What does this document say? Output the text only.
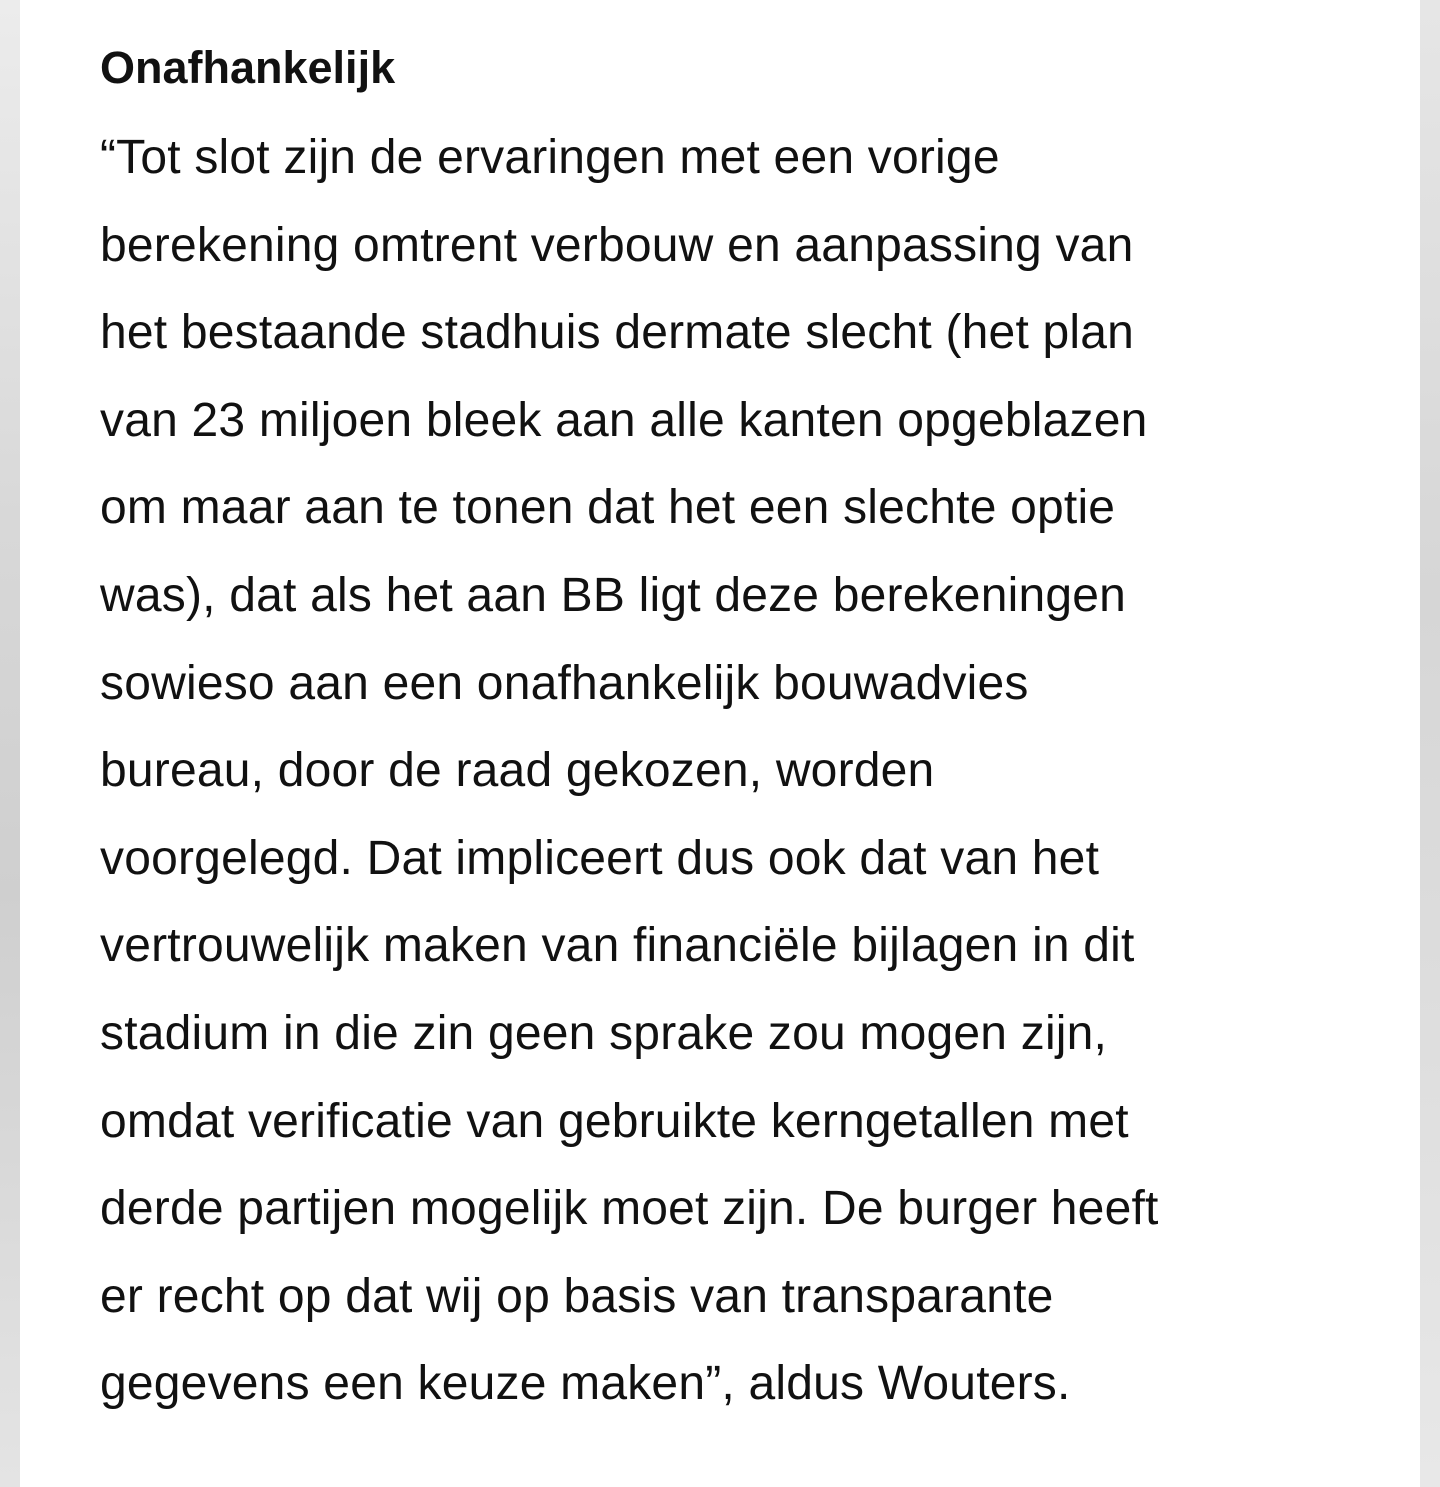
Onafhankelijk

“Tot slot zijn de ervaringen met een vorige
berekening omtrent verbouw en aanpassing van
het bestaande stadhuis dermate slecht (het plan
van 23 miljoen bleek aan alle kanten opgeblazen
om maar aan te tonen dat het een slechte optie
was), dat als het aan BB ligt deze berekeningen
sowieso aan een onafhankelijk bouwadvies
bureau, door de raad gekozen, worden
voorgelegd. Dat impliceert dus ook dat van het
vertrouwelijk maken van financiële bijlagen in dit
stadium in die zin geen sprake zou mogen zijn,
omdat verificatie van gebruikte kerngetallen met
derde partijen mogelijk moet zijn. De burger heeft
er recht op dat wij op basis van transparante
gegevens een keuze maken”, aldus Wouters.
